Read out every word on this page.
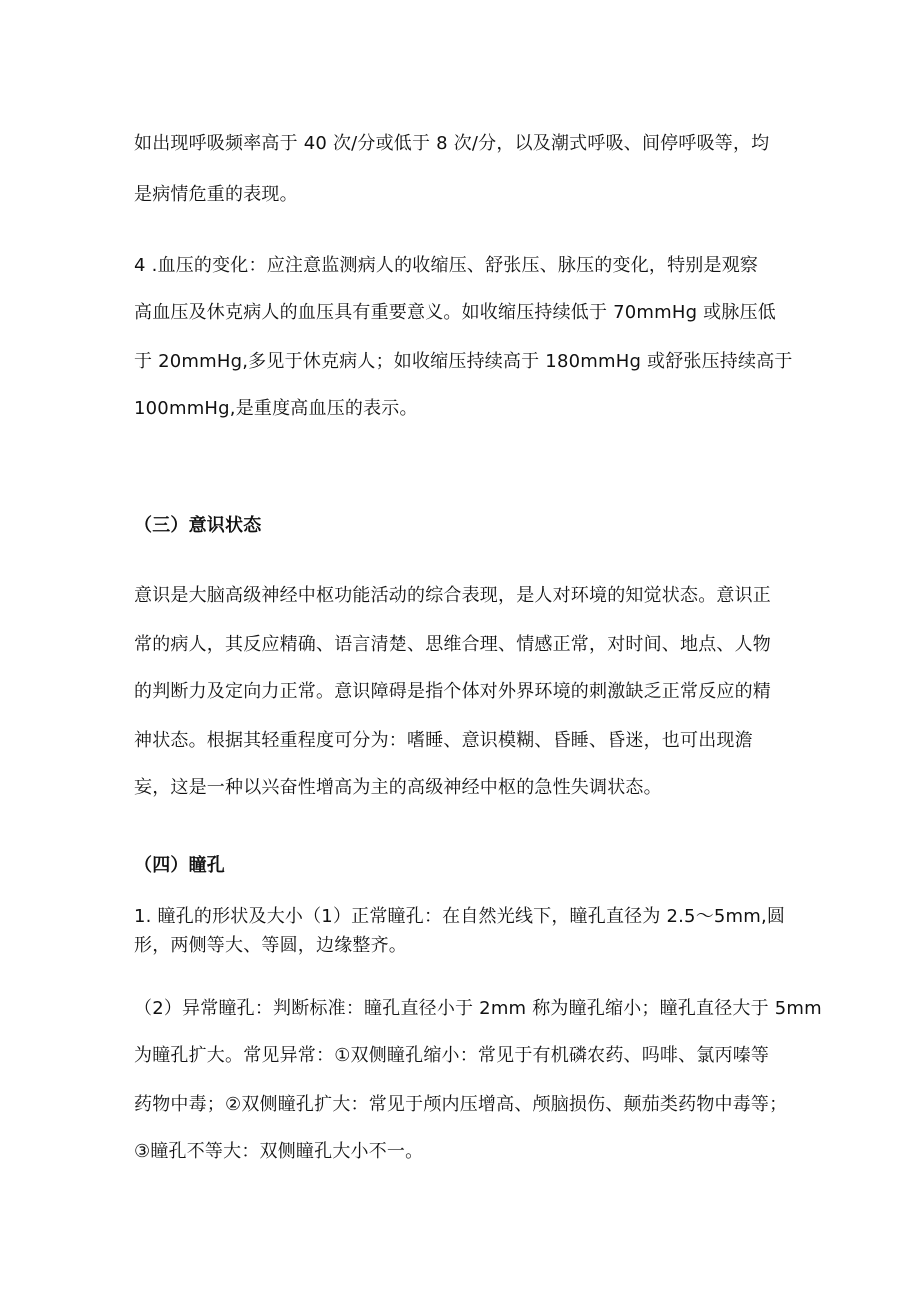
如出现呼吸频率高于 40 次/分或低于 8 次/分，以及潮式呼吸、间停呼吸等，均
是病情危重的表现。
4 .血压的变化：应注意监测病人的收缩压、舒张压、脉压的变化，特别是观察
高血压及休克病人的血压具有重要意义。如收缩压持续低于 70mmHg 或脉压低
于 20mmHg,多见于休克病人；如收缩压持续高于 180mmHg 或舒张压持续高于
100mmHg,是重度高血压的表示。
（三）意识状态
意识是大脑高级神经中枢功能活动的综合表现，是人对环境的知觉状态。意识正
常的病人，其反应精确、语言清楚、思维合理、情感正常，对时间、地点、人物
的判断力及定向力正常。意识障碍是指个体对外界环境的刺激缺乏正常反应的精
神状态。根据其轻重程度可分为：嗜睡、意识模糊、昏睡、昏迷，也可出现澹
妄，这是一种以兴奋性增高为主的高级神经中枢的急性失调状态。
（四）瞳孔
1. 瞳孔的形状及大小（1）正常瞳孔：在自然光线下，瞳孔直径为 2.5～5mm,圆
形，两侧等大、等圆，边缘整齐。
（2）异常瞳孔：判断标准：瞳孔直径小于 2mm 称为瞳孔缩小；瞳孔直径大于 5mm
为瞳孔扩大。常见异常：①双侧瞳孔缩小：常见于有机磷农药、吗啡、氯丙嗪等
药物中毒；②双侧瞳孔扩大：常见于颅内压增高、颅脑损伤、颠茄类药物中毒等；
③瞳孔不等大：双侧瞳孔大小不一。
